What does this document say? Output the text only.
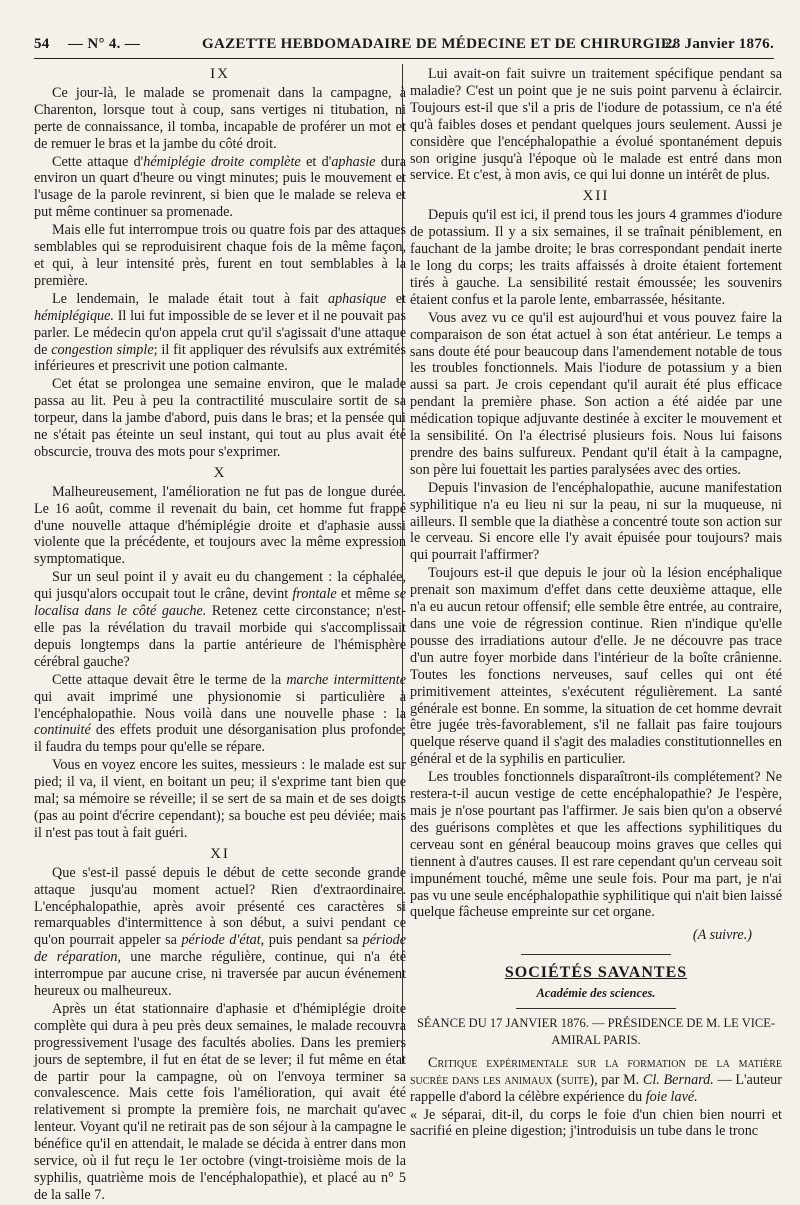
54 — N° 4. —	GAZETTE HEBDOMADAIRE DE MÉDECINE ET DE CHIRURGIE.
28 Janvier 1876.
IX

Ce jour-là, le malade se promenait dans la campagne, à Charenton, lorsque tout à coup, sans vertiges ni titubation, ni perte de connaissance, il tomba, incapable de proférer un mot et de remuer le bras et la jambe du côté droit.

Cette attaque d'hémiplégie droite complète et d'aphasie dura environ un quart d'heure ou vingt minutes; puis le mouvement et l'usage de la parole revinrent, si bien que le malade se releva et put même continuer sa promenade.

Mais elle fut interrompue trois ou quatre fois par des attaques semblables qui se reproduisirent chaque fois de la même façon, et qui, à leur intensité près, furent en tout semblables à la première.

Le lendemain, le malade était tout à fait aphasique et hémiplégique. Il lui fut impossible de se lever et il ne pouvait pas parler. Le médecin qu'on appela crut qu'il s'agissait d'une attaque de congestion simple; il fit appliquer des révulsifs aux extrémités inférieures et prescrivit une potion calmante.

Cet état se prolongea une semaine environ, que le malade passa au lit. Peu à peu la contractilité musculaire sortit de sa torpeur, dans la jambe d'abord, puis dans le bras; et la pensée qui ne s'était pas éteinte un seul instant, qui tout au plus avait été obscurcie, trouva des mots pour s'exprimer.

X

Malheureusement, l'amélioration ne fut pas de longue durée. Le 16 août, comme il revenait du bain, cet homme fut frappé d'une nouvelle attaque d'hémiplégie droite et d'aphasie aussi violente que la précédente, et toujours avec la même expression symptomatique.

Sur un seul point il y avait eu du changement : la céphalée, qui jusqu'alors occupait tout le crâne, devint frontale et même se localisa dans le côté gauche. Retenez cette circonstance; n'est-elle pas la révélation du travail morbide qui s'accomplissait depuis longtemps dans la partie antérieure de l'hémisphère cérébral gauche?

Cette attaque devait être le terme de la marche intermittente qui avait imprimé une physionomie si particulière à l'encéphalopathie. Nous voilà dans une nouvelle phase : la continuité des effets produit une désorganisation plus profonde; il faudra du temps pour qu'elle se répare.

Vous en voyez encore les suites, messieurs : le malade est sur pied; il va, il vient, en boitant un peu; il s'exprime tant bien que mal; sa mémoire se réveille; il se sert de sa main et de ses doigts (pas au point d'écrire cependant); sa bouche est peu déviée; mais il n'est pas tout à fait guéri.

XI

Que s'est-il passé depuis le début de cette seconde grande attaque jusqu'au moment actuel? Rien d'extraordinaire. L'encéphalopathie, après avoir présenté ces caractères si remarquables d'intermittence à son début, a suivi pendant ce qu'on pourrait appeler sa période d'état, puis pendant sa période de réparation, une marche régulière, continue, qui n'a été interrompue par aucune crise, ni traversée par aucun événement heureux ou malheureux.

Après un état stationnaire d'aphasie et d'hémiplégie droite complète qui dura à peu près deux semaines, le malade recouvra progressivement l'usage des facultés abolies. Dans les premiers jours de septembre, il fut en état de se lever; il fut même en état de partir pour la campagne, où on l'envoya terminer sa convalescence. Mais cette fois l'amélioration, qui avait été relativement si prompte la première fois, ne marchait qu'avec lenteur. Voyant qu'il ne retirait pas de son séjour à la campagne le bénéfice qu'il en attendait, le malade se décida à entrer dans mon service, où il fut reçu le 1er octobre (vingt-troisième mois de la syphilis, quatrième mois de l'encéphalopathie), et placé au n° 5 de la salle 7.

Lui avait-on fait suivre un traitement spécifique pendant sa maladie? C'est un point que je ne suis point parvenu à éclaircir. Toujours est-il que s'il a pris de l'iodure de potassium, ce n'a été qu'à faibles doses et pendant quelques jours seulement. Aussi je considère que l'encéphalopathie a évolué spontanément depuis son origine jusqu'à l'époque où le malade est entré dans mon service. Et c'est, à mon avis, ce qui lui donne un intérêt de plus.

XII

Depuis qu'il est ici, il prend tous les jours 4 grammes d'iodure de potassium. Il y a six semaines, il se traînait péniblement, en fauchant de la jambe droite; le bras correspondant pendait inerte le long du corps; les traits affaissés à droite étaient fortement tirés à gauche. La sensibilité restait émoussée; les souvenirs étaient confus et la parole lente, embarrassée, hésitante.

Vous avez vu ce qu'il est aujourd'hui et vous pouvez faire la comparaison de son état actuel à son état antérieur. Le temps a sans doute été pour beaucoup dans l'amendement notable de tous les troubles fonctionnels. Mais l'iodure de potassium y a bien aussi sa part. Je crois cependant qu'il aurait été plus efficace pendant la première phase. Son action a été aidée par une médication topique adjuvante destinée à exciter le mouvement et la sensibilité. On l'a électrisé plusieurs fois. Nous lui faisons prendre des bains sulfureux. Pendant qu'il était à la campagne, son père lui fouettait les parties paralysées avec des orties.

Depuis l'invasion de l'encéphalopathie, aucune manifestation syphilitique n'a eu lieu ni sur la peau, ni sur la muqueuse, ni ailleurs. Il semble que la diathèse a concentré toute son action sur le cerveau. Si encore elle l'y avait épuisée pour toujours? mais qui pourrait l'affirmer?

Toujours est-il que depuis le jour où la lésion encéphalique prenait son maximum d'effet dans cette deuxième attaque, elle n'a eu aucun retour offensif; elle semble être entrée, au contraire, dans une voie de régression continue. Rien n'indique qu'elle pousse des irradiations autour d'elle. Je ne découvre pas trace d'un autre foyer morbide dans l'intérieur de la boîte crânienne. Toutes les fonctions nerveuses, sauf celles qui ont été primitivement atteintes, s'exécutent régulièrement. La santé générale est bonne. En somme, la situation de cet homme devrait être jugée très-favorablement, s'il ne fallait pas faire toujours quelque réserve quand il s'agit des maladies constitutionnelles en général et de la syphilis en particulier.

Les troubles fonctionnels disparaîtront-ils complétement? Ne restera-t-il aucun vestige de cette encéphalopathie? Je l'espère, mais je n'ose pourtant pas l'affirmer. Je sais bien qu'on a observé des guérisons complètes et que les affections syphilitiques du cerveau sont en général beaucoup moins graves que celles qui tiennent à d'autres causes. Il est rare cependant qu'un cerveau soit impunément touché, même une seule fois. Pour ma part, je n'ai pas vu une seule encéphalopathie syphilitique qui n'ait bien laissé quelque fâcheuse empreinte sur cet organe.

(A suivre.)
SOCIÉTÉS SAVANTES
Académie des sciences.
SÉANCE DU 17 JANVIER 1876. — PRÉSIDENCE DE M. LE VICE-
AMIRAL PARIS.

Critique expérimentale sur la formation de la matière sucrée dans les animaux (suite), par M. Cl. Bernard. — L'auteur rappelle d'abord la célèbre expérience du foie lavé.

« Je séparai, dit-il, du corps le foie d'un chien bien nourri et sacrifié en pleine digestion; j'introduisis un tube dans le tronc
